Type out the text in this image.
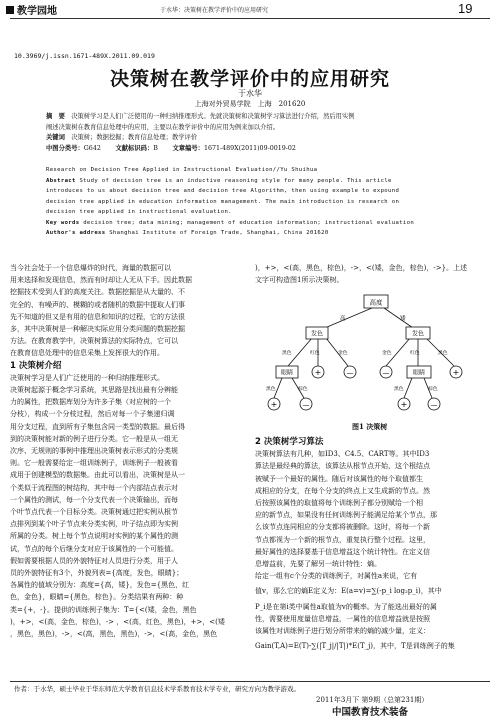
教学园地	于水华：决策树在教学评价中的应用研究	19
10.3969/j.issn.1671-489X.2011.09.019
决策树在教学评价中的应用研究
于水华
上海对外贸易学院　上海　201620
摘　要　 决策树学习是人们广泛使用的一种归纳推理形式。先就决策树和决策树学习算法进行介绍，然后用实例
阐述决策树在教育信息处理中的应用，主要以在教学评价中的应用为例来加以介绍。
关键词　 决策树；数据挖掘；教育信息处理；教学评价
中图分类号：G642 　　 文献标识码：B 　　 文章编号：1671-489X(2011)09-0019-02
Research on Decision Tree Applied in Instructional Evaluation//Yu Shuihua
Abstract Study of decision tree is an inductive reasoning style for many people. This article
introduces to us about decision tree and decision tree Algorithm, then using example to expound
decision tree applied in education information management. The main introduction is research on
decision tree applied in instructional evaluation.
Key words decision tree; data mining; management of education information; instructional evaluation
Author's address Shanghai Institute of Foreign Trade, Shanghai, China 201620
当今社会处于一个信息爆炸的时代，海量的数据可以
用来选择和发现信息，然而有时却让人无从下手。因此数据
挖掘技术受到人们的高度关注。数据挖掘是从大量的、不
完全的、有噪声的、模糊的或者随机的数据中提取人们事
先不知道的但又是有用的信息和知识的过程，它的方法很
多，其中决策树是一种解决实际应用分类问题的数据挖掘
方法。在教育教学中，决策树算法的实际特点，它可以
在教育信息处理中的信息采集上发挥很大的作用。
1 决策树介绍
决策树学习是人们广泛使用的一种归纳推理形式。
决策树起源于概念学习系统，其思路是找出最有分辨能
力的属性，把数据库划分为许多子集（对应树的一个
分枝），构成一个分枝过程，然后对每一个子集递归调
用分支过程，直到所有子集包含同一类型的数据。最后得
到的决策树能对新的例子进行分类。它一般是从一组无
次序、无规则的事例中推理出决策树表示形式的分类规
则。它一般需要给定一组训练例子，训练例子一般被看
成用于创建模型的数据集。由此可以看出，决策树是从一
个类似于流程图的树结构，其中每一个内部结点表示对
一个属性的测试，每一个分支代表一个决策输出，而每
个叶节点代表一个目标分类。决策树通过把实例从根节
点排列到某个叶子节点来分类实例，叶子结点即为实例
所属的分类。树上每个节点说明对实例的某个属性的测
试，节点的每个后继分支对应于该属性的一个可能值。
假如需要根据人员的外貌特征对人员进行分类，用于人
员的外貌特征有3个，外貌列表={高度，发色，眼睛}；
各属性的值域分别为：高度={高，矮}，发色={黑色，红
色，金色}，眼睛={黑色，棕色}。分类结果有两种：种
类={+，-}。提供的训练例子集为：T={<(矮，金色，黑色
)，+>，<(高，金色，棕色)，-> ，<(高，红色，黑色)，+>，<(矮
，黑色，黑色)，->，<(高，黑色，黑色)，->，<(高，金色，黑色
)，+>，<(高，黑色，棕色)，->，<(矮，金色，棕色)，->}。上述
文字可构造图1所示决策树。
高度
高	矮
发色	发色
黑色	红色	金色	金色	红色	黑色
眼睛	+	—	—	眼睛	+
黑色	棕色	黑色	棕色
+	—	+	—
图1 决策树
2 决策树学习算法
决策树算法有几种，如ID3、C4.5、CART等。其中ID3
算法是最经典的算法，该算法从根节点开始，这个根结点
被赋予一个最好的属性。随后对该属性的每个取值都生
成相应的分支，在每个分支的终点上又生成新的节点。然
后按照该属性的取值将每个训练例子都分别赋给一个相
应的新节点，如果没有任何训练例子能满足给某个节点，那
么该节点连同相应的分支都将被删除。这时，将每一个新
节点都视为一个新的根节点，重复执行整个过程。这里，
最好属性的选择要基于信息增益这个统计特性。在定义信
息增益前，先要了解另一统计特性：熵。
给定一组有c个分类的训练例子，对属性a来说，它有
值v，那么它的熵E定义为：E(a=v)=∑(-p_i log₂p_i)，其中
P_i是在第i类中属性a取值为v的概率。为了能选出最好的属
性，需要使用度量信息增益，一属性的信息增益就是按照
该属性对训练例子进行划分所带来的熵的减少量，定义：
Gain(T,A)=E(T)-∑(|T_j|/|T|)*E(T_j)，其中，T是训练例子的集
作者：于水华，硕士毕业于华东师范大学教育信息技术学系教育技术学专业，研究方向为教学游戏。
2011年3月下 第9期（总第231期）
中国教育技术装备
